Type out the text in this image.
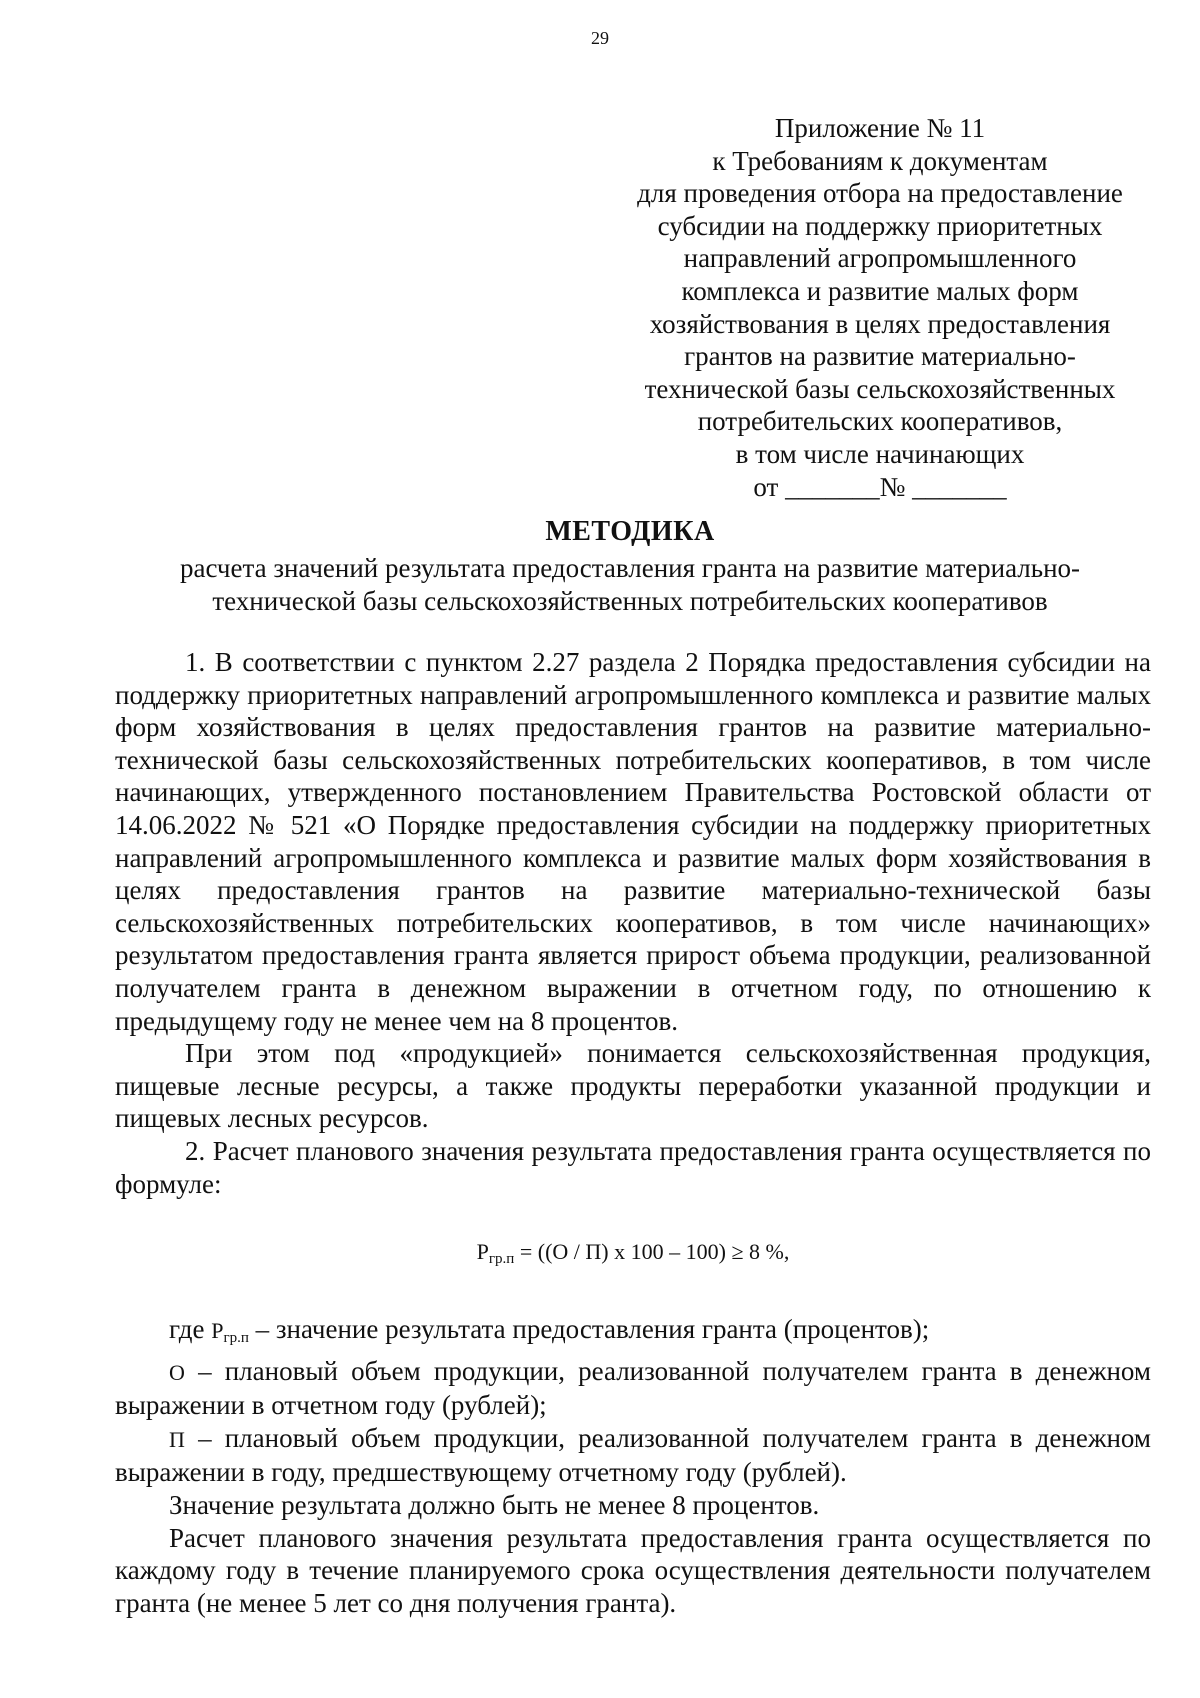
29
Приложение № 11
к Требованиям к документам
для проведения отбора на предоставление
субсидии на поддержку приоритетных
направлений агропромышленного
комплекса и развитие малых форм
хозяйствования в целях предоставления
грантов на развитие материально-
технической базы сельскохозяйственных
потребительских кооперативов,
в том числе начинающих
от _______№ _______
МЕТОДИКА
расчета значений результата предоставления гранта на развитие материально-
технической базы сельскохозяйственных потребительских кооперативов

1. В соответствии с пунктом 2.27 раздела 2 Порядка предоставления субсидии на поддержку приоритетных направлений агропромышленного комплекса и развитие малых форм хозяйствования в целях предоставления грантов на развитие материально-технической базы сельскохозяйственных потребительских кооперативов, в том числе начинающих, утвержденного постановлением Правительства Ростовской области от 14.06.2022 № 521 «О Порядке предоставления субсидии на поддержку приоритетных направлений агропромышленного комплекса и развитие малых форм хозяйствования в целях предоставления грантов на развитие материально-технической базы сельскохозяйственных потребительских кооперативов, в том числе начинающих» результатом предоставления гранта является прирост объема продукции, реализованной получателем гранта в денежном выражении в отчетном году, по отношению к предыдущему году не менее чем на 8 процентов.

При этом под «продукцией» понимается сельскохозяйственная продукция, пищевые лесные ресурсы, а также продукты переработки указанной продукции и пищевых лесных ресурсов.

2. Расчет планового значения результата предоставления гранта осуществляется по формуле:

$Р_{гр.п} = ((О / П)$ x 100 – 100) ≥ 8 %,

где $Р_{гр.п}$ – значение результата предоставления гранта (процентов);

О – плановый объем продукции, реализованной получателем гранта в денежном выражении в отчетном году (рублей);

П – плановый объем продукции, реализованной получателем гранта в денежном выражении в году, предшествующему отчетному году (рублей).

Значение результата должно быть не менее 8 процентов.

Расчет планового значения результата предоставления гранта осуществляется по каждому году в течение планируемого срока осуществления деятельности получателем гранта (не менее 5 лет со дня получения гранта).
